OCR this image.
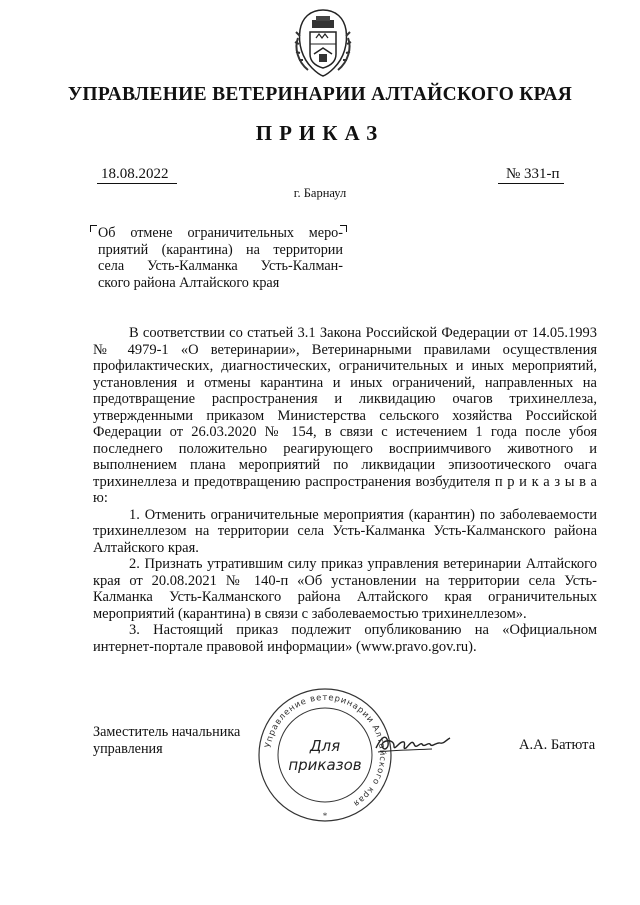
УПРАВЛЕНИЕ ВЕТЕРИНАРИИ АЛТАЙСКОГО КРАЯ
ПРИКАЗ
18.08.2022	№ 331-п
г. Барнаул
Об отмене ограничительных меро-
приятий (карантина) на территории
села Усть-Калманка Усть-Калман-
ского района Алтайского края

В соответствии со статьей 3.1 Закона Российской Федерации от 14.05.1993 № 4979-1 «О ветеринарии», Ветеринарными правилами осуществления профилактических, диагностических, ограничительных и иных мероприятий, установления и отмены карантина и иных ограничений, направленных на предотвращение распространения и ликвидацию очагов трихинеллеза, утвержденными приказом Министерства сельского хозяйства Российской Федерации от 26.03.2020 № 154, в связи с истечением 1 года после убоя последнего положительно реагирующего восприимчивого животного и выполнением плана мероприятий по ликвидации эпизоотического очага трихинеллеза и предотвращению распространения возбудителя п р и к а з ы в а ю:

1. Отменить ограничительные мероприятия (карантин) по заболеваемости трихинеллезом на территории села Усть-Калманка Усть-Калманского района Алтайского края.

2. Признать утратившим силу приказ управления ветеринарии Алтайского края от 20.08.2021 № 140-п «Об установлении на территории села Усть-Калманка Усть-Калманского района Алтайского края ограничительных мероприятий (карантина) в связи с заболеваемостью трихинеллезом».

3. Настоящий приказ подлежит опубликованию на «Официальном интернет-портале правовой информации» (www.pravo.gov.ru).

Заместитель начальника
управления	Управление ветеринарии Алтайского края
Для
приказов
*
А.А. Батюта
